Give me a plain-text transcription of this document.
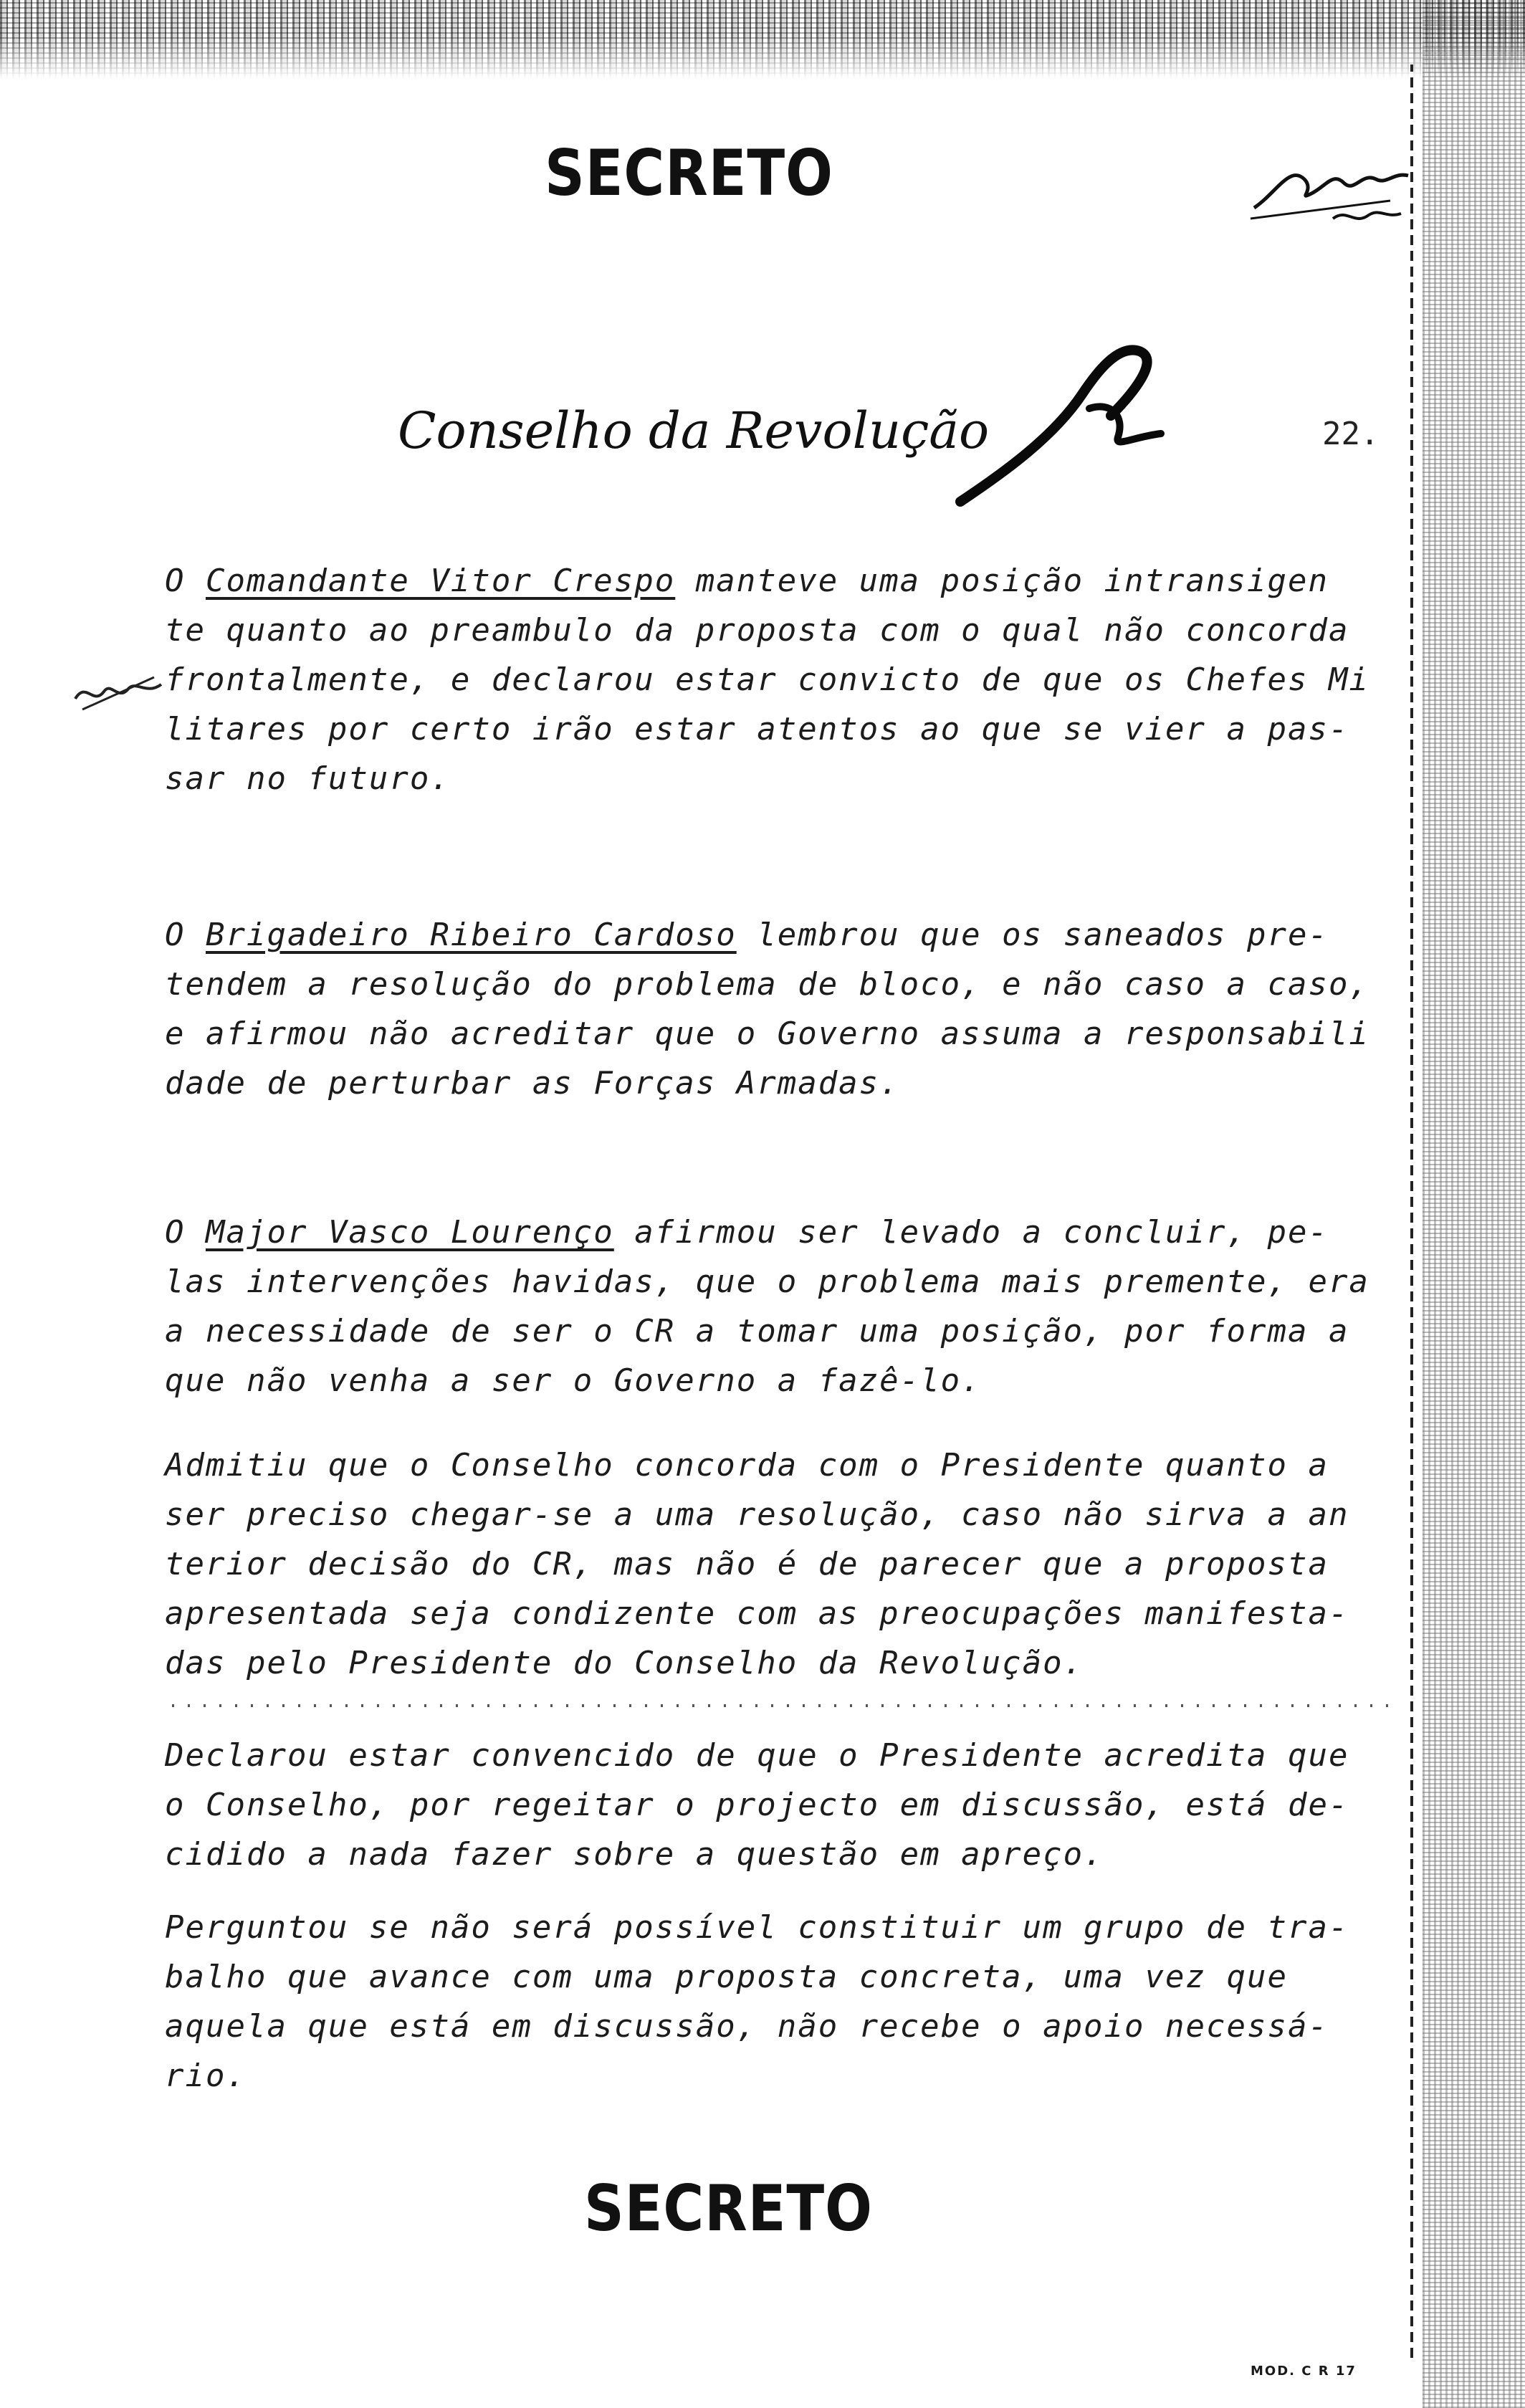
SECRETO
Conselho da Revolução	22.
O Comandante Vitor Crespo manteve uma posição intransigen
te quanto ao preambulo da proposta com o qual não concorda
frontalmente, e declarou estar convicto de que os Chefes Mi
litares por certo irão estar atentos ao que se vier a pas-
sar no futuro.
O Brigadeiro Ribeiro Cardoso lembrou que os saneados pre-
tendem a resolução do problema de bloco, e não caso a caso,
e afirmou não acreditar que o Governo assuma a responsabili
dade de perturbar as Forças Armadas.
O Major Vasco Lourenço afirmou ser levado a concluir, pe-
las intervenções havidas, que o problema mais premente, era
a necessidade de ser o CR a tomar uma posição, por forma a
que não venha a ser o Governo a fazê-lo.
Admitiu que o Conselho concorda com o Presidente quanto a
ser preciso chegar-se a uma resolução, caso não sirva a an
terior decisão do CR, mas não é de parecer que a proposta
apresentada seja condizente com as preocupações manifesta-
das pelo Presidente do Conselho da Revolução.
Declarou estar convencido de que o Presidente acredita que
o Conselho, por regeitar o projecto em discussão, está de-
cidido a nada fazer sobre a questão em apreço.
Perguntou se não será possível constituir um grupo de tra-
balho que avance com uma proposta concreta, uma vez que
aquela que está em discussão, não recebe o apoio necessá-
rio.
SECRETO
MOD. C R 17
